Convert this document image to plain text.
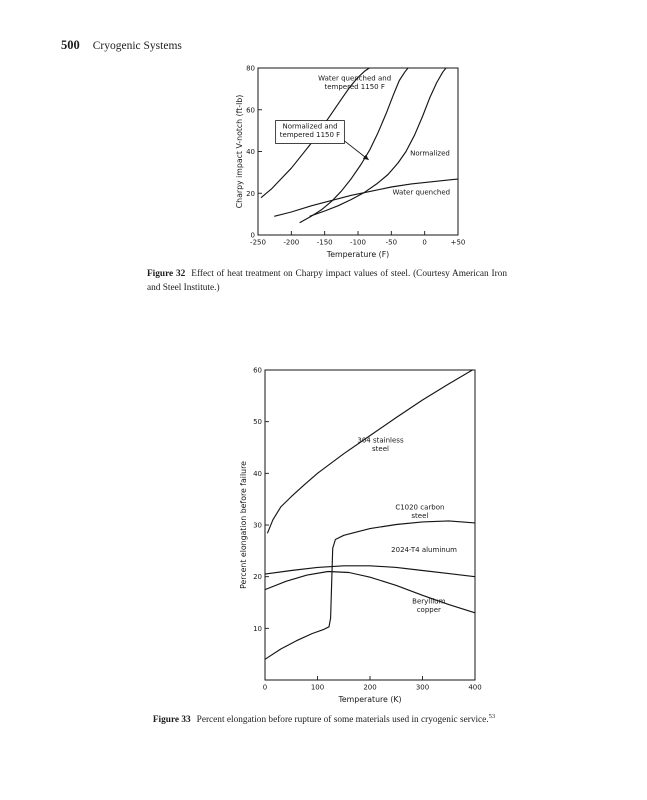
500 Cryogenic Systems
-250 -200 -150 -100	-50	0	+50
0
20
40
60
80
Water quenched and
tempered 1150 F
Normalized and
tempered 1150 F
Normalized
Water quenched
Temperature (F)
Charpy impact V-notch (ft-lb)
Figure 32 Effect of heat treatment on Charpy impact values of steel. (Courtesy American Iron and Steel Institute.)
0	100	200	300	400
10
20
30
40
50
60
304 stainless
steel
C1020 carbon
steel
2024-T4 aluminum
Beryllium
copper
Temperature (K)
Percent elongation before failure
Figure 33 Percent elongation before rupture of some materials used in cryogenic service.$^{53}$
